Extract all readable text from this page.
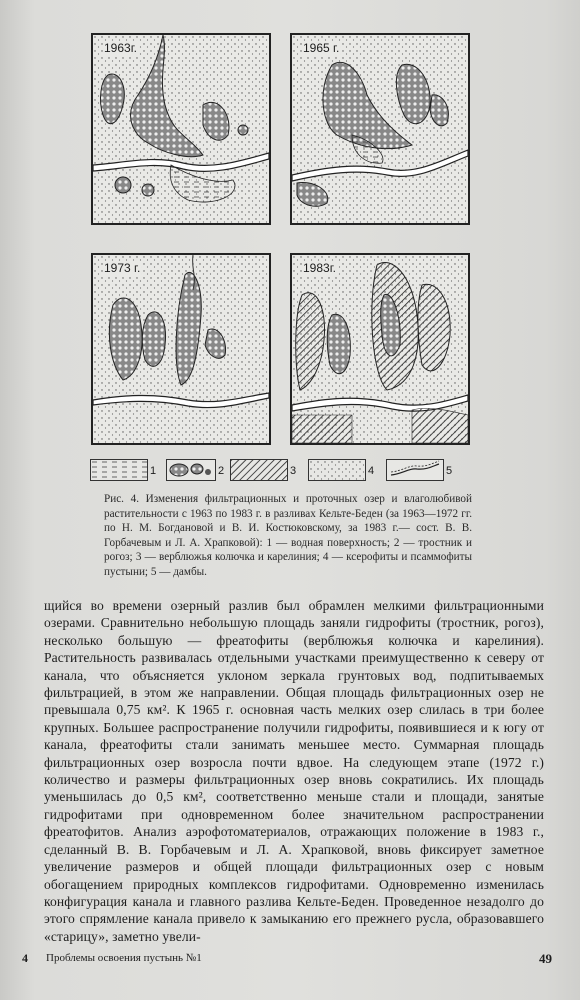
1963г.	1965 г.
1973 г.	1983г.
1	2	3	4	5
Рис. 4. Изменения фильтрационных и проточных озер и влаголюбивой растительности с 1963 по 1983 г. в разливах Кельте-Беден (за 1963—1972 гг. по Н. М. Богдановой и В. И. Костюковскому, за 1983 г.— сост. В. В. Горбачевым и Л. А. Храпковой): 1 — водная поверхность; 2 — тростник и рогоз; 3 — верблюжья колючка и карелиния; 4 — ксерофиты и псаммофиты пустыни; 5 — дамбы.

щийся во времени озерный разлив был обрамлен мелкими фильтрационными озерами. Сравнительно небольшую площадь заняли гидрофиты (тростник, рогоз), несколько большую — фреатофиты (верблюжья колючка и карелиния). Растительность развивалась отдельными участками преимущественно к северу от канала, что объясняется уклоном зеркала грунтовых вод, подпитываемых фильтрацией, в этом же направлении. Общая площадь фильтрационных озер не превышала 0,75 км². К 1965 г. основная часть мелких озер слилась в три более крупных. Большее распространение получили гидрофиты, появившиеся и к югу от канала, фреатофиты стали занимать меньшее место. Суммарная площадь фильтрационных озер возросла почти вдвое. На следующем этапе (1972 г.) количество и размеры фильтрационных озер вновь сократились. Их площадь уменьшилась до 0,5 км², соответственно меньше стали и площади, занятые гидрофитами при одновременном более значительном распространении фреатофитов. Анализ аэрофотоматериалов, отражающих положение в 1983 г., сделанный В. В. Горбачевым и Л. А. Храпковой, вновь фиксирует заметное увеличение размеров и общей площади фильтрационных озер с новым обогащением природных комплексов гидрофитами. Одновременно изменилась конфигурация канала и главного разлива Кельте-Беден. Проведенное незадолго до этого спрямление канала привело к замыканию его прежнего русла, образовавшего «старицу», заметно увели-

4 Проблемы освоения пустынь №1	49
